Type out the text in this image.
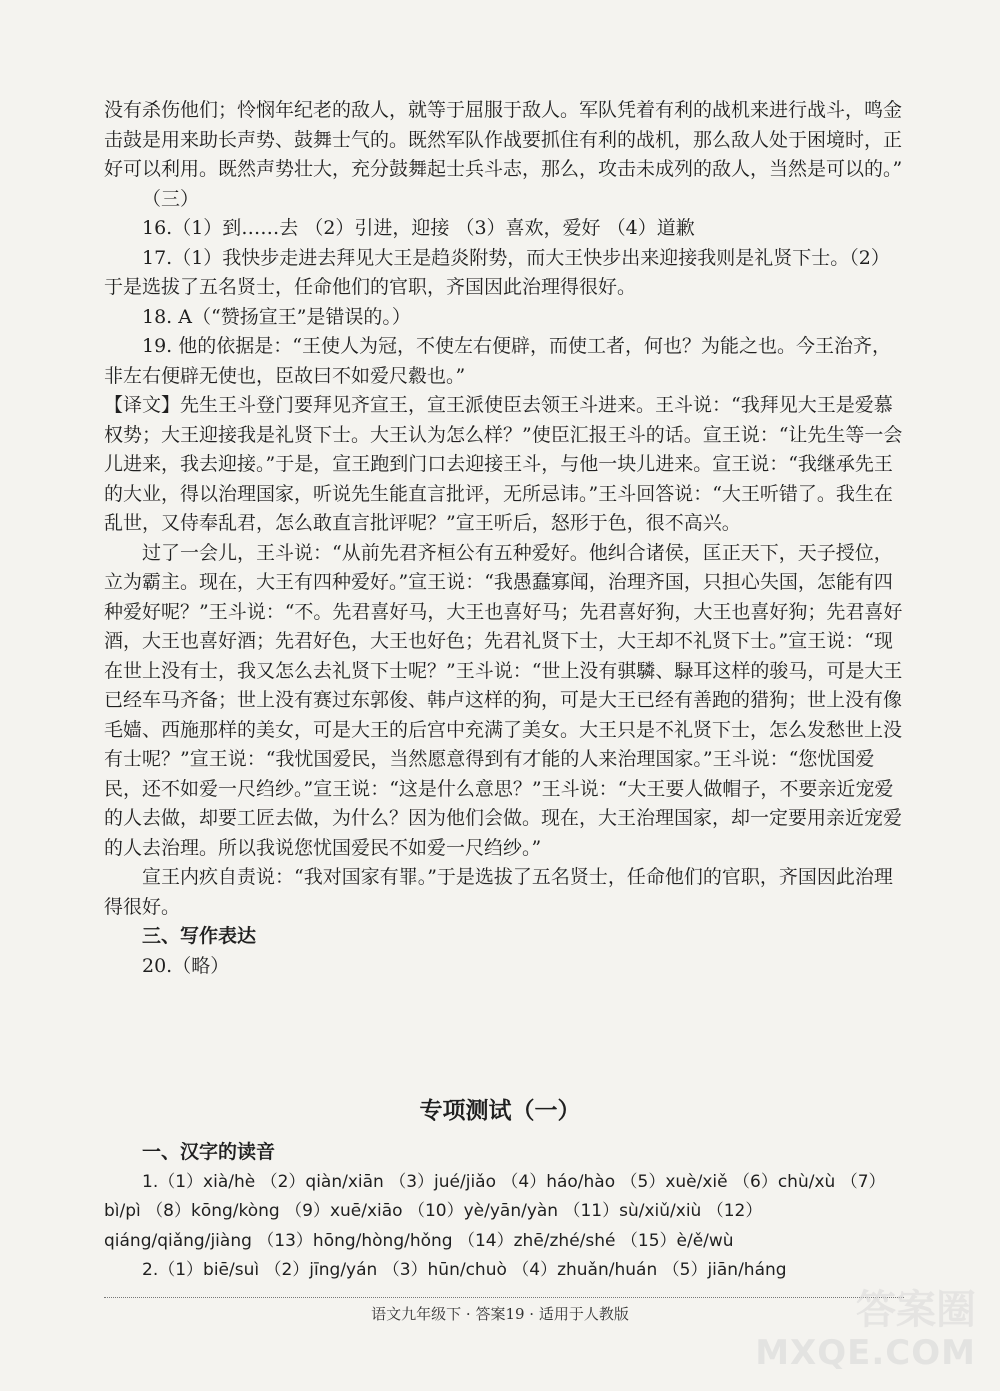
没有杀伤他们；怜悯年纪老的敌人，就等于屈服于敌人。军队凭着有利的战机来进行战斗，鸣金击鼓是用来助长声势、鼓舞士气的。既然军队作战要抓住有利的战机，那么敌人处于困境时，正好可以利用。既然声势壮大，充分鼓舞起士兵斗志，那么，攻击未成列的敌人，当然是可以的。”

（三）

16.（1）到……去 （2）引进，迎接 （3）喜欢，爱好 （4）道歉

17.（1）我快步走进去拜见大王是趋炎附势，而大王快步出来迎接我则是礼贤下士。（2）于是选拔了五名贤士，任命他们的官职，齐国因此治理得很好。

18. A（“赞扬宣王”是错误的。）

19. 他的依据是：“王使人为冠，不使左右便辟，而使工者，何也？为能之也。今王治齐，非左右便辟无使也，臣故曰不如爱尺縠也。”

【译文】先生王斗登门要拜见齐宣王，宣王派使臣去领王斗进来。王斗说：“我拜见大王是爱慕权势；大王迎接我是礼贤下士。大王认为怎么样？”使臣汇报王斗的话。宣王说：“让先生等一会儿进来，我去迎接。”于是，宣王跑到门口去迎接王斗，与他一块儿进来。宣王说：“我继承先王的大业，得以治理国家，听说先生能直言批评，无所忌讳。”王斗回答说：“大王听错了。我生在乱世，又侍奉乱君，怎么敢直言批评呢？”宣王听后，怒形于色，很不高兴。

过了一会儿，王斗说：“从前先君齐桓公有五种爱好。他纠合诸侯，匡正天下，天子授位，立为霸主。现在，大王有四种爱好。”宣王说：“我愚蠢寡闻，治理齐国，只担心失国，怎能有四种爱好呢？”王斗说：“不。先君喜好马，大王也喜好马；先君喜好狗，大王也喜好狗；先君喜好酒，大王也喜好酒；先君好色，大王也好色；先君礼贤下士，大王却不礼贤下士。”宣王说：“现在世上没有士，我又怎么去礼贤下士呢？”王斗说：“世上没有骐驎、騄耳这样的骏马，可是大王已经车马齐备；世上没有赛过东郭俊、韩卢这样的狗，可是大王已经有善跑的猎狗；世上没有像毛嫱、西施那样的美女，可是大王的后宫中充满了美女。大王只是不礼贤下士，怎么发愁世上没有士呢？”宣王说：“我忧国爱民，当然愿意得到有才能的人来治理国家。”王斗说：“您忧国爱民，还不如爱一尺绉纱。”宣王说：“这是什么意思？”王斗说：“大王要人做帽子，不要亲近宠爱的人去做，却要工匠去做，为什么？因为他们会做。现在，大王治理国家，却一定要用亲近宠爱的人去治理。所以我说您忧国爱民不如爱一尺绉纱。”

宣王内疚自责说：“我对国家有罪。”于是选拔了五名贤士，任命他们的官职，齐国因此治理得很好。

三、写作表达

20.（略）

专项测试（一）

一、汉字的读音

1.（1）xià/hè （2）qiàn/xiān （3）jué/jiǎo （4）háo/hào （5）xuè/xiě （6）chù/xù （7）bì/pì （8）kōng/kòng （9）xuē/xiāo （10）yè/yān/yàn （11）sù/xiǔ/xiù （12）qiáng/qiǎng/jiàng （13）hōng/hòng/hǒng （14）zhē/zhé/shé （15）è/ě/wù

2.（1）biē/suì （2）jīng/yán （3）hūn/chuò （4）zhuǎn/huán （5）jiān/háng

语文九年级下 · 答案19 · 适用于人教版	答案圈
MXQE.COM
